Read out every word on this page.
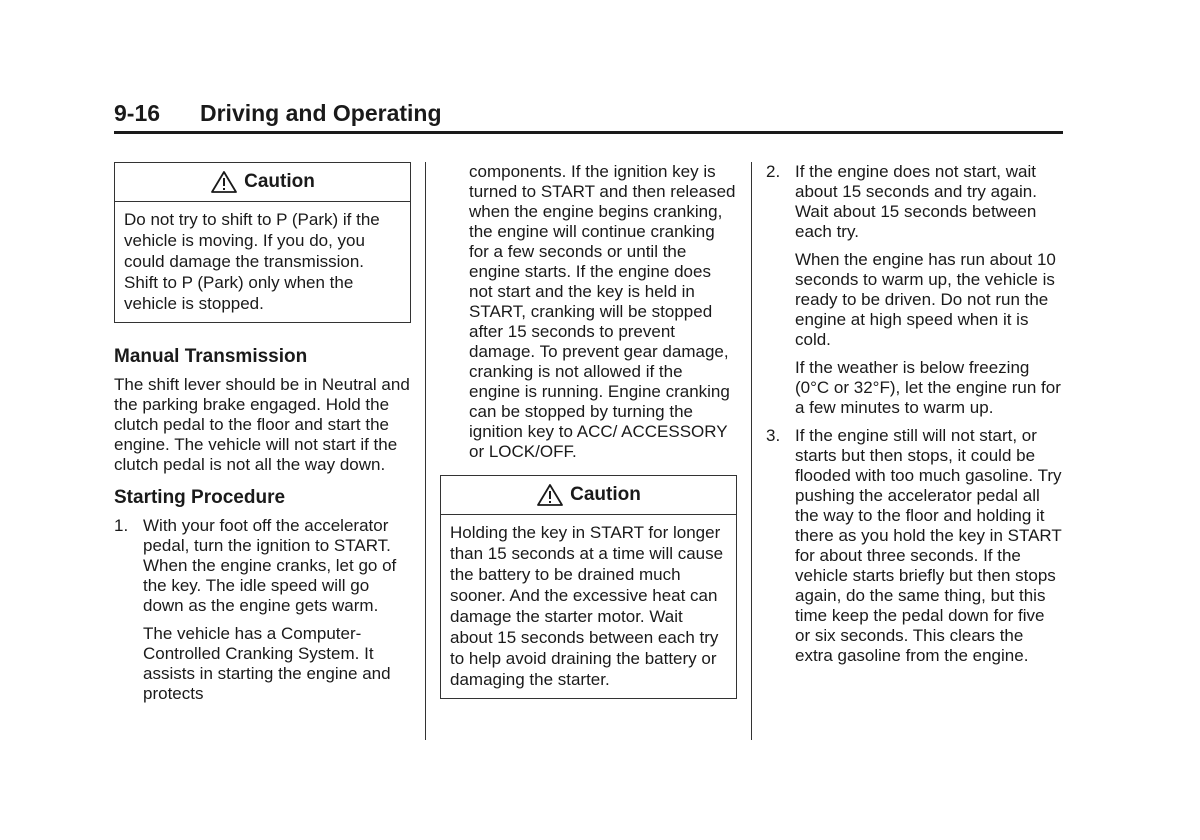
9-16 Driving and Operating
Caution
Do not try to shift to P (Park) if the vehicle is moving. If you do, you could damage the transmission. Shift to P (Park) only when the vehicle is stopped.
Manual Transmission

The shift lever should be in Neutral and the parking brake engaged. Hold the clutch pedal to the floor and start the engine. The vehicle will not start if the clutch pedal is not all the way down.

Starting Procedure
1. With your foot off the accelerator pedal, turn the ignition to START. When the engine cranks, let go of the key. The idle speed will go down as the engine gets warm.

The vehicle has a Computer-Controlled Cranking System. It assists in starting the engine and protects

components. If the ignition key is turned to START and then released when the engine begins cranking, the engine will continue cranking for a few seconds or until the engine starts. If the engine does not start and the key is held in START, cranking will be stopped after 15 seconds to prevent damage. To prevent gear damage, cranking is not allowed if the engine is running. Engine cranking can be stopped by turning the ignition key to ACC/ ACCESSORY or LOCK/OFF.

Caution
Holding the key in START for longer than 15 seconds at a time will cause the battery to be drained much sooner. And the excessive heat can damage the starter motor. Wait about 15 seconds between each try to help avoid draining the battery or damaging the starter.
2. If the engine does not start, wait about 15 seconds and try again. Wait about 15 seconds between each try.

When the engine has run about 10 seconds to warm up, the vehicle is ready to be driven. Do not run the engine at high speed when it is cold.

If the weather is below freezing (0°C or 32°F), let the engine run for a few minutes to warm up.

3. If the engine still will not start, or starts but then stops, it could be flooded with too much gasoline. Try pushing the accelerator pedal all the way to the floor and holding it there as you hold the key in START for about three seconds. If the vehicle starts briefly but then stops again, do the same thing, but this time keep the pedal down for five or six seconds. This clears the extra gasoline from the engine.
